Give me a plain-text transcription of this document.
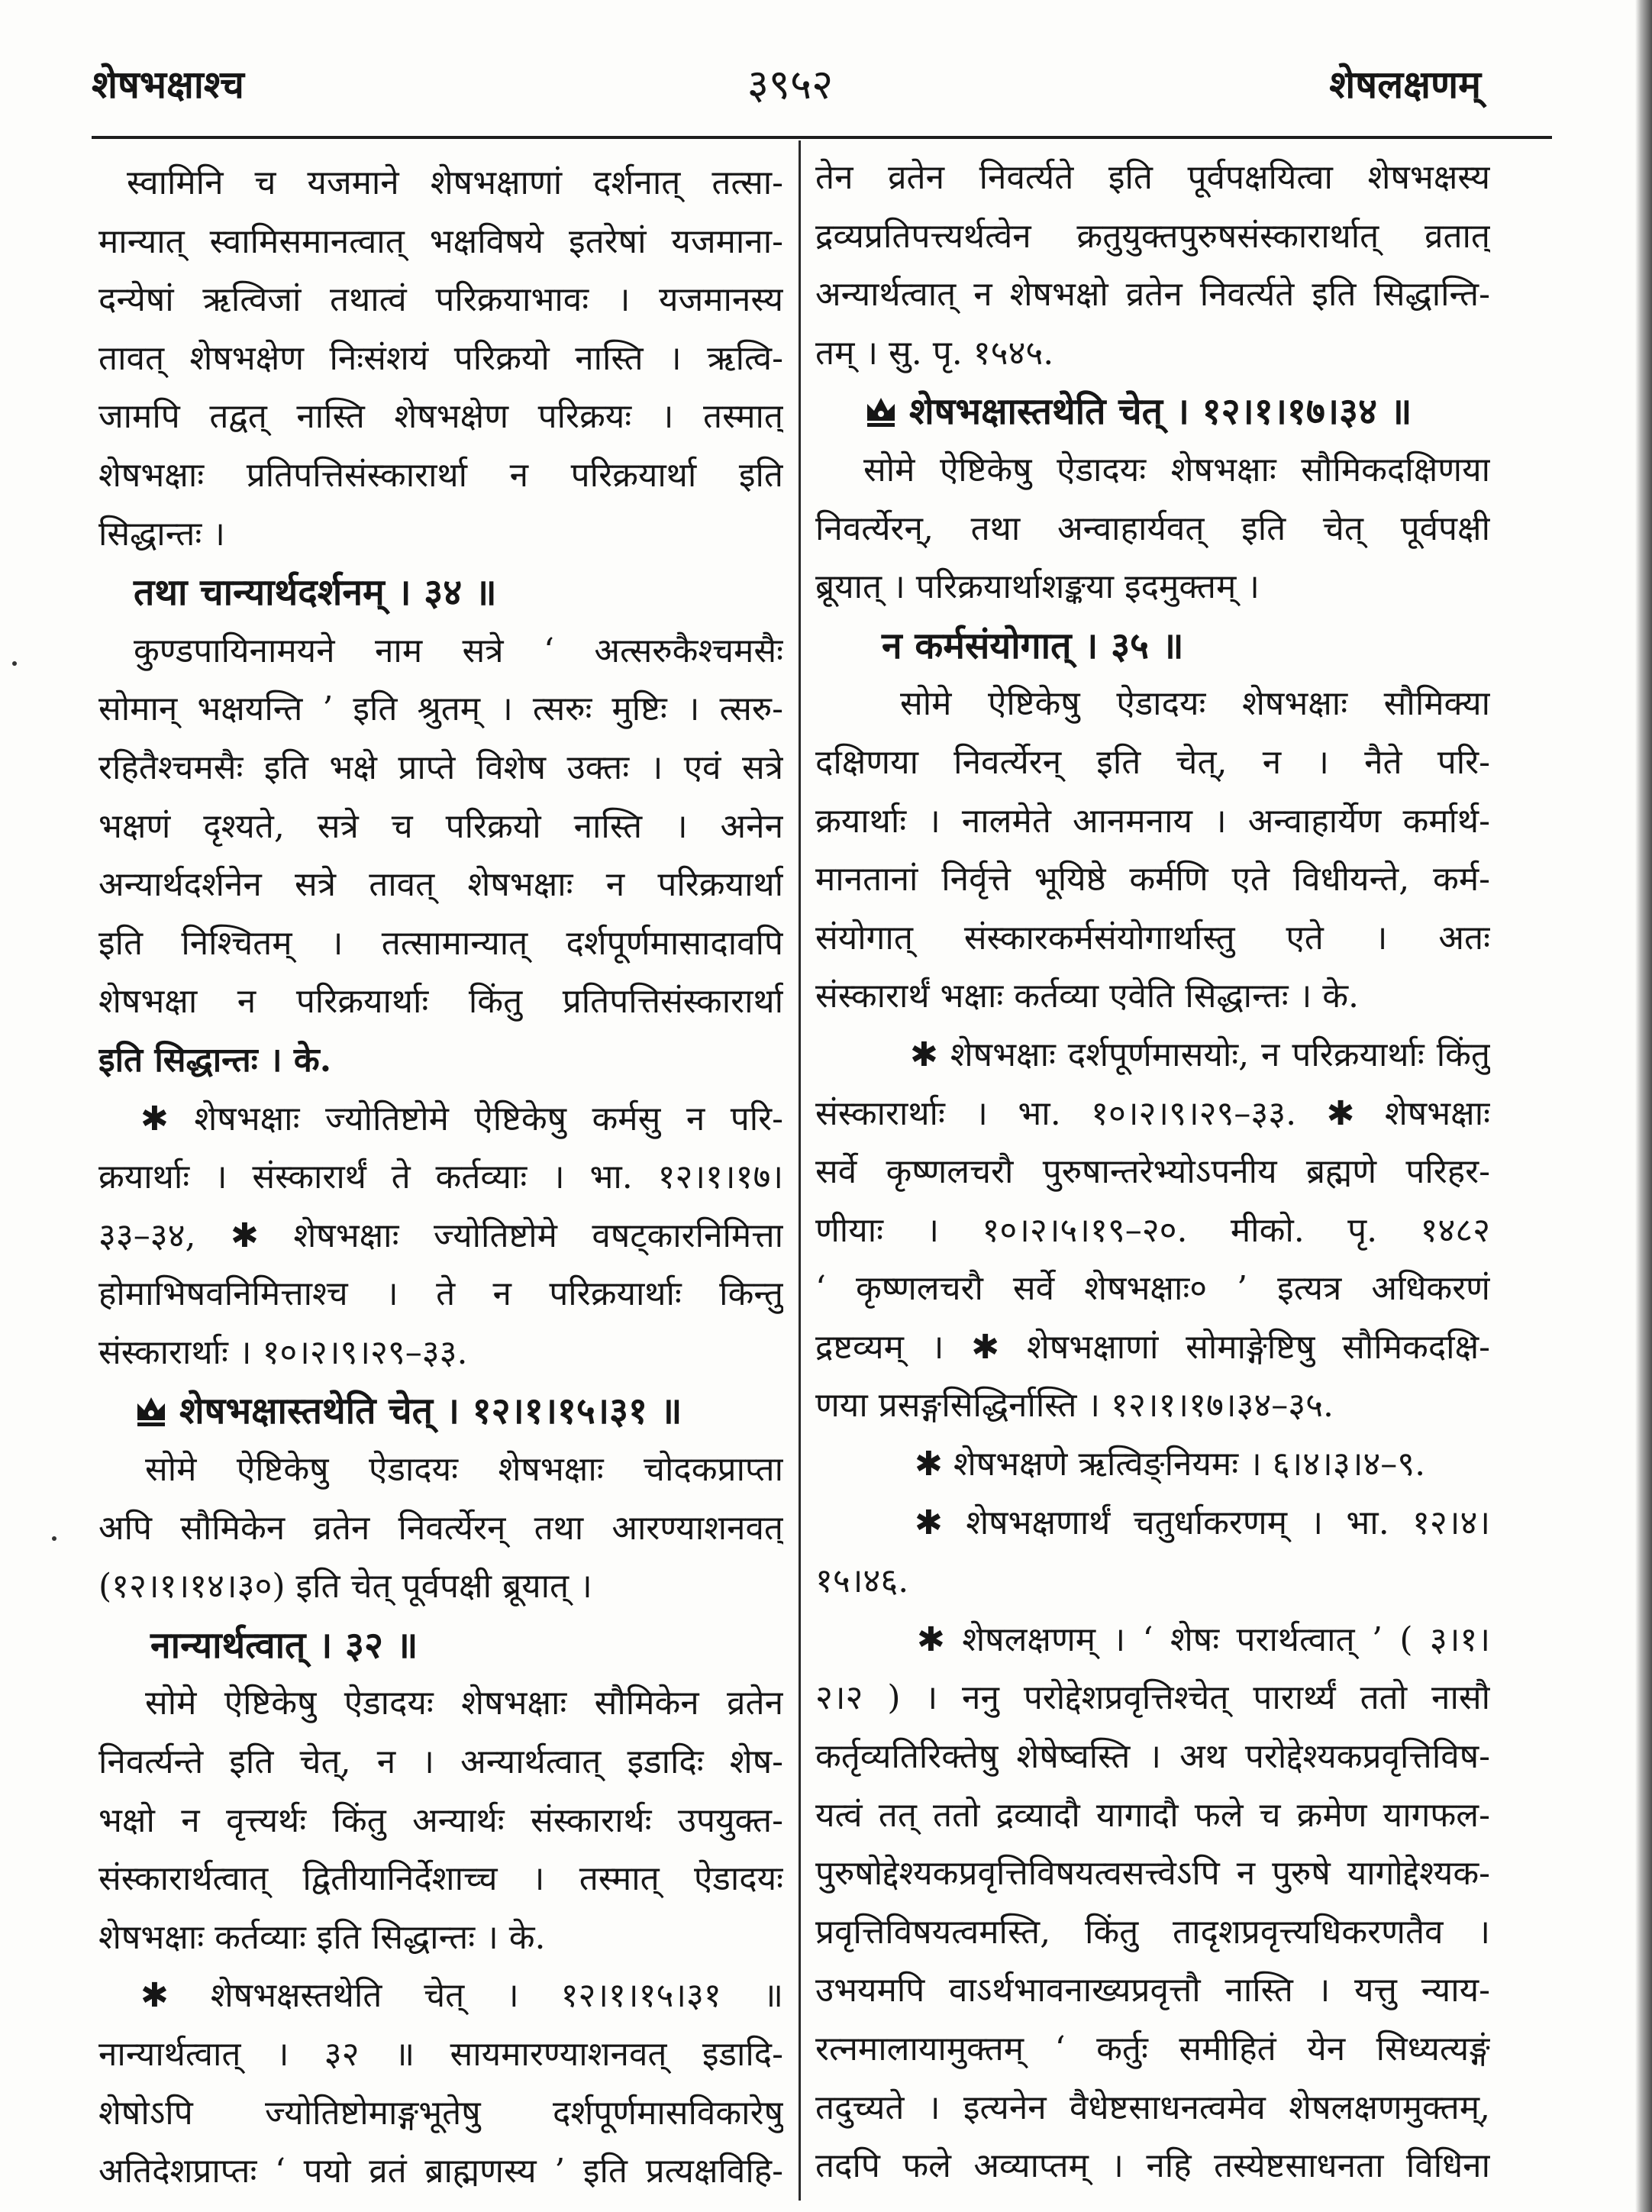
शेषभक्षाश्च	३९५२	शेषलक्षणम्
स्वामिनि च यजमाने शेषभक्षाणां दर्शनात् तत्सा-
मान्यात् स्वामिसमानत्वात् भक्षविषये इतरेषां यजमाना-
दन्येषां ऋत्विजां तथात्वं परिक्रयाभावः । यजमानस्य
तावत् शेषभक्षेण निःसंशयं परिक्रयो नास्ति । ऋत्वि-
जामपि तद्वत् नास्ति शेषभक्षेण परिक्रयः । तस्मात्
शेषभक्षाः प्रतिपत्तिसंस्कारार्था न परिक्रयार्था इति
सिद्धान्तः ।
तथा चान्यार्थदर्शनम् । ३४ ॥
कुण्डपायिनामयने नाम सत्रे ‘ अत्सरुकैश्चमसैः
सोमान् भक्षयन्ति ’ इति श्रुतम् । त्सरुः मुष्टिः । त्सरु-
रहितैश्चमसैः इति भक्षे प्राप्ते विशेष उक्तः । एवं सत्रे
भक्षणं दृश्यते, सत्रे च परिक्रयो नास्ति । अनेन
अन्यार्थदर्शनेन सत्रे तावत् शेषभक्षाः न परिक्रयार्था
इति निश्चितम् । तत्सामान्यात् दर्शपूर्णमासादावपि
शेषभक्षा न परिक्रयार्थाः किंतु प्रतिपत्तिसंस्कारार्था
इति सिद्धान्तः । के.
✱ शेषभक्षाः ज्योतिष्टोमे ऐष्टिकेषु कर्मसु न परि-
क्रयार्थाः । संस्कारार्थं ते कर्तव्याः । भा. १२।१।१७।
३३–३४, ✱ शेषभक्षाः ज्योतिष्टोमे वषट्कारनिमित्ता
होमाभिषवनिमित्ताश्च । ते न परिक्रयार्थाः किन्तु
संस्कारार्थाः । १०।२।९।२९–३३.
शेषभक्षास्तथेति चेत् । १२।१।१५।३१ ॥
सोमे ऐष्टिकेषु ऐडादयः शेषभक्षाः चोदकप्राप्ता
अपि सौमिकेन व्रतेन निवर्त्येरन् तथा आरण्याशनवत्
(१२।१।१४।३०) इति चेत् पूर्वपक्षी ब्रूयात् ।
नान्यार्थत्वात् । ३२ ॥
सोमे ऐष्टिकेषु ऐडादयः शेषभक्षाः सौमिकेन व्रतेन
निवर्त्यन्ते इति चेत्, न । अन्यार्थत्वात् इडादिः शेष-
भक्षो न वृत्त्यर्थः किंतु अन्यार्थः संस्कारार्थः उपयुक्त-
संस्कारार्थत्वात् द्वितीयानिर्देशाच्च । तस्मात् ऐडादयः
शेषभक्षाः कर्तव्याः इति सिद्धान्तः । के.
✱ शेषभक्षस्तथेति चेत् । १२।१।१५।३१ ॥
नान्यार्थत्वात् । ३२ ॥ सायमारण्याशनवत् इडादि-
शेषोऽपि ज्योतिष्टोमाङ्गभूतेषु दर्शपूर्णमासविकारेषु
अतिदेशप्राप्तः ‘ पयो व्रतं ब्राह्मणस्य ’ इति प्रत्यक्षविहि-
तेन व्रतेन निवर्त्यते इति पूर्वपक्षयित्वा शेषभक्षस्य
द्रव्यप्रतिपत्त्यर्थत्वेन क्रतुयुक्तपुरुषसंस्कारार्थात् व्रतात्
अन्यार्थत्वात् न शेषभक्षो व्रतेन निवर्त्यते इति सिद्धान्ति-
तम् । सु. पृ. १५४५.
शेषभक्षास्तथेति चेत् । १२।१।१७।३४ ॥
सोमे ऐष्टिकेषु ऐडादयः शेषभक्षाः सौमिकदक्षिणया
निवर्त्येरन्, तथा अन्वाहार्यवत् इति चेत् पूर्वपक्षी
ब्रूयात् । परिक्रयार्थाशङ्कया इदमुक्तम् ।
न कर्मसंयोगात् । ३५ ॥
सोमे ऐष्टिकेषु ऐडादयः शेषभक्षाः सौमिक्या
दक्षिणया निवर्त्येरन् इति चेत्, न । नैते परि-
क्रयार्थाः । नालमेते आनमनाय । अन्वाहार्येण कर्मार्थ-
मानतानां निर्वृत्ते भूयिष्ठे कर्मणि एते विधीयन्ते, कर्म-
संयोगात् संस्कारकर्मसंयोगार्थास्तु एते । अतः
संस्कारार्थं भक्षाः कर्तव्या एवेति सिद्धान्तः । के.
✱ शेषभक्षाः दर्शपूर्णमासयोः, न परिक्रयार्थाः किंतु
संस्कारार्थाः । भा. १०।२।९।२९–३३. ✱ शेषभक्षाः
सर्वे कृष्णलचरौ पुरुषान्तरेभ्योऽपनीय ब्रह्मणे परिहर-
णीयाः । १०।२।५।१९–२०. मीको. पृ. १४८२
‘ कृष्णलचरौ सर्वे शेषभक्षाः० ’ इत्यत्र अधिकरणं
द्रष्टव्यम् । ✱ शेषभक्षाणां सोमाङ्गेष्टिषु सौमिकदक्षि-
णया प्रसङ्गसिद्धिर्नास्ति । १२।१।१७।३४–३५.
✱ शेषभक्षणे ऋत्विङ्नियमः । ६।४।३।४–९.
✱ शेषभक्षणार्थं चतुर्धाकरणम् । भा. १२।४।
१५।४६.
✱ शेषलक्षणम् । ‘ शेषः परार्थत्वात् ’ ( ३।१।
२।२ ) । ननु परोद्देशप्रवृत्तिश्चेत् पारार्थ्यं ततो नासौ
कर्तृव्यतिरिक्तेषु शेषेष्वस्ति । अथ परोद्देश्यकप्रवृत्तिविष-
यत्वं तत् ततो द्रव्यादौ यागादौ फले च क्रमेण यागफल-
पुरुषोद्देश्यकप्रवृत्तिविषयत्वसत्त्वेऽपि न पुरुषे यागोद्देश्यक-
प्रवृत्तिविषयत्वमस्ति, किंतु तादृशप्रवृत्त्यधिकरणतैव ।
उभयमपि वाऽर्थभावनाख्यप्रवृत्तौ नास्ति । यत्तु न्याय-
रत्नमालायामुक्तम् ‘ कर्तुः समीहितं येन सिध्यत्यङ्गं
तदुच्यते । इत्यनेन वैधेष्टसाधनत्वमेव शेषलक्षणमुक्तम्,
तदपि फले अव्याप्तम् । नहि तस्येष्टसाधनता विधिना
